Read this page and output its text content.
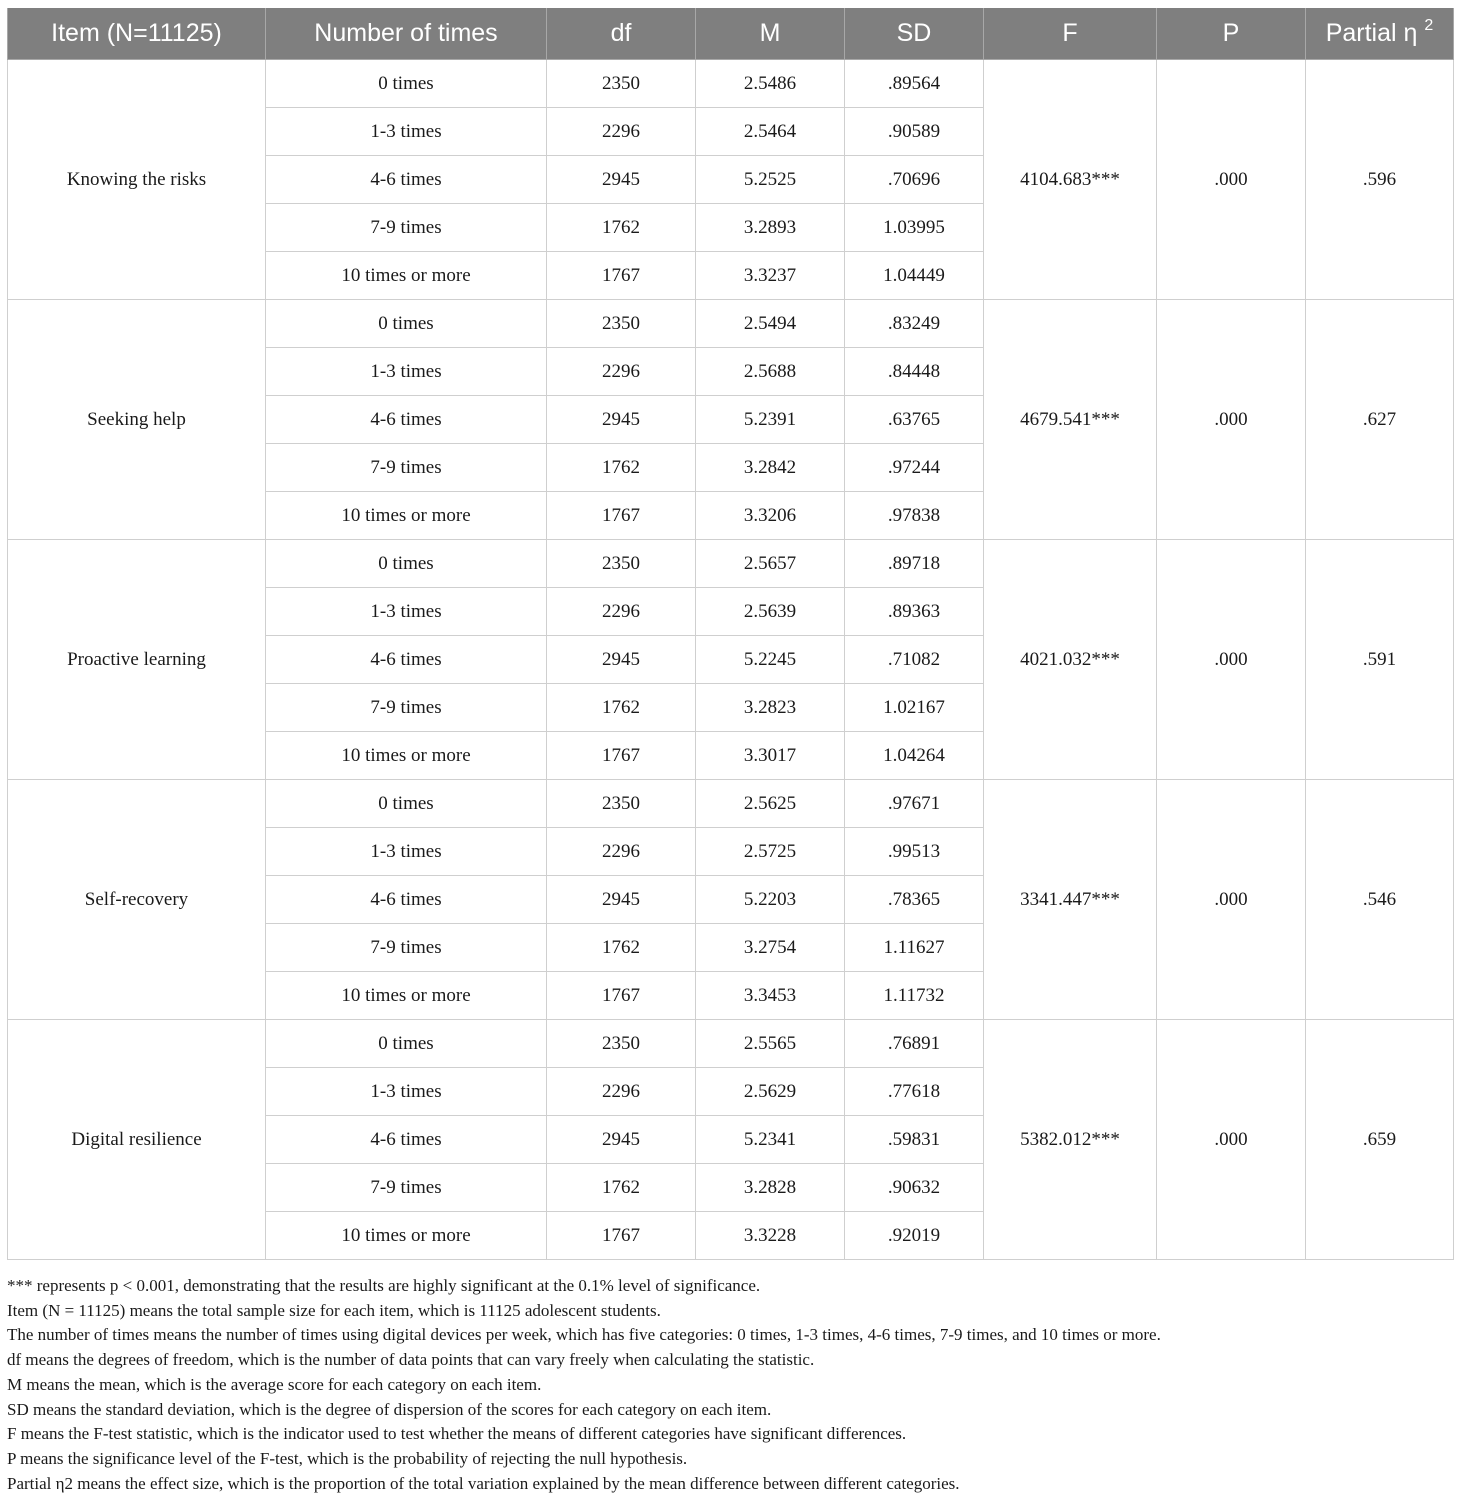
Item (N=11125)	Number of times	df	M	SD	F	P	Partial η $^2$
Knowing the risks	0 times	2350	2.5486	.89564	4104.683***	.000	.596
	1-3 times	2296	2.5464	.90589			
	4-6 times	2945	5.2525	.70696			
	7-9 times	1762	3.2893	1.03995			
	10 times or more	1767	3.3237	1.04449			
Seeking help	0 times	2350	2.5494	.83249	4679.541***	.000	.627
	1-3 times	2296	2.5688	.84448			
	4-6 times	2945	5.2391	.63765			
	7-9 times	1762	3.2842	.97244			
	10 times or more	1767	3.3206	.97838			
Proactive learning	0 times	2350	2.5657	.89718	4021.032***	.000	.591
	1-3 times	2296	2.5639	.89363			
	4-6 times	2945	5.2245	.71082			
	7-9 times	1762	3.2823	1.02167			
	10 times or more	1767	3.3017	1.04264			
Self-recovery	0 times	2350	2.5625	.97671	3341.447***	.000	.546
	1-3 times	2296	2.5725	.99513			
	4-6 times	2945	5.2203	.78365			
	7-9 times	1762	3.2754	1.11627			
	10 times or more	1767	3.3453	1.11732			
Digital resilience	0 times	2350	2.5565	.76891	5382.012***	.000	.659
	1-3 times	2296	2.5629	.77618			
	4-6 times	2945	5.2341	.59831			
	7-9 times	1762	3.2828	.90632			
	10 times or more	1767	3.3228	.92019			
*** represents p < 0.001, demonstrating that the results are highly significant at the 0.1% level of significance.
Item (N = 11125) means the total sample size for each item, which is 11125 adolescent students.
The number of times means the number of times using digital devices per week, which has five categories: 0 times, 1-3 times, 4-6 times, 7-9 times, and 10 times or more.
df means the degrees of freedom, which is the number of data points that can vary freely when calculating the statistic.
M means the mean, which is the average score for each category on each item.
SD means the standard deviation, which is the degree of dispersion of the scores for each category on each item.
F means the F-test statistic, which is the indicator used to test whether the means of different categories have significant differences.
P means the significance level of the F-test, which is the probability of rejecting the null hypothesis.
Partial η2 means the effect size, which is the proportion of the total variation explained by the mean difference between different categories.
